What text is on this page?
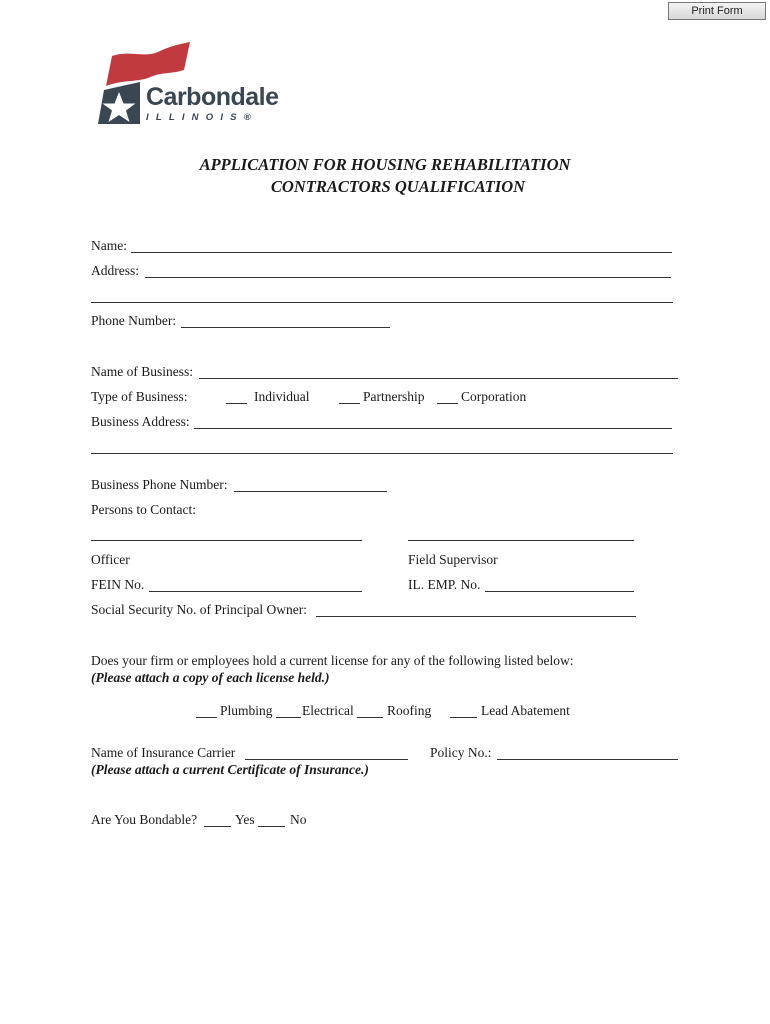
Print Form
Carbondale
ILLINOIS®
APPLICATION FOR HOUSING REHABILITATION
CONTRACTORS QUALIFICATION
Name:
Address:
Phone Number:
Name of Business:
Type of Business:	Individual	Partnership	Corporation
Business Address:
Business Phone Number:
Persons to Contact:
Officer	Field Supervisor
FEIN No.	IL. EMP. No.
Social Security No. of Principal Owner:
Does your firm or employees hold a current license for any of the following listed below:
(Please attach a copy of each license held.)
Plumbing Electrical Roofing	Lead Abatement
Name of Insurance Carrier	Policy No.:
(Please attach a current Certificate of Insurance.)
Are You Bondable?	Yes	No
